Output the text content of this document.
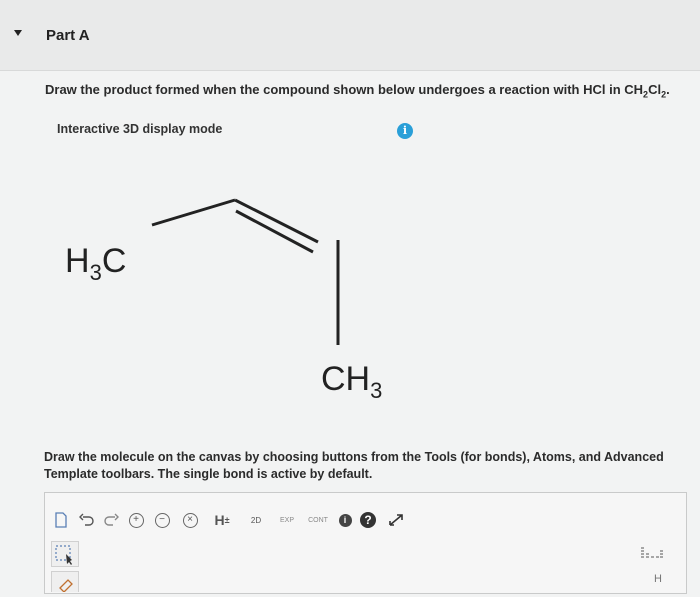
Part A
Draw the product formed when the compound shown below undergoes a reaction with HCl in $CH_2Cl_2$.
Interactive 3D display mode	i
$H_3C$
$CH_3$
Draw the molecule on the canvas by choosing buttons from the Tools (for bonds), Atoms, and Advanced Template toolbars. The single bond is active by default.
+	−	×	H ±	2D	EXP	CONT	i	?
H
